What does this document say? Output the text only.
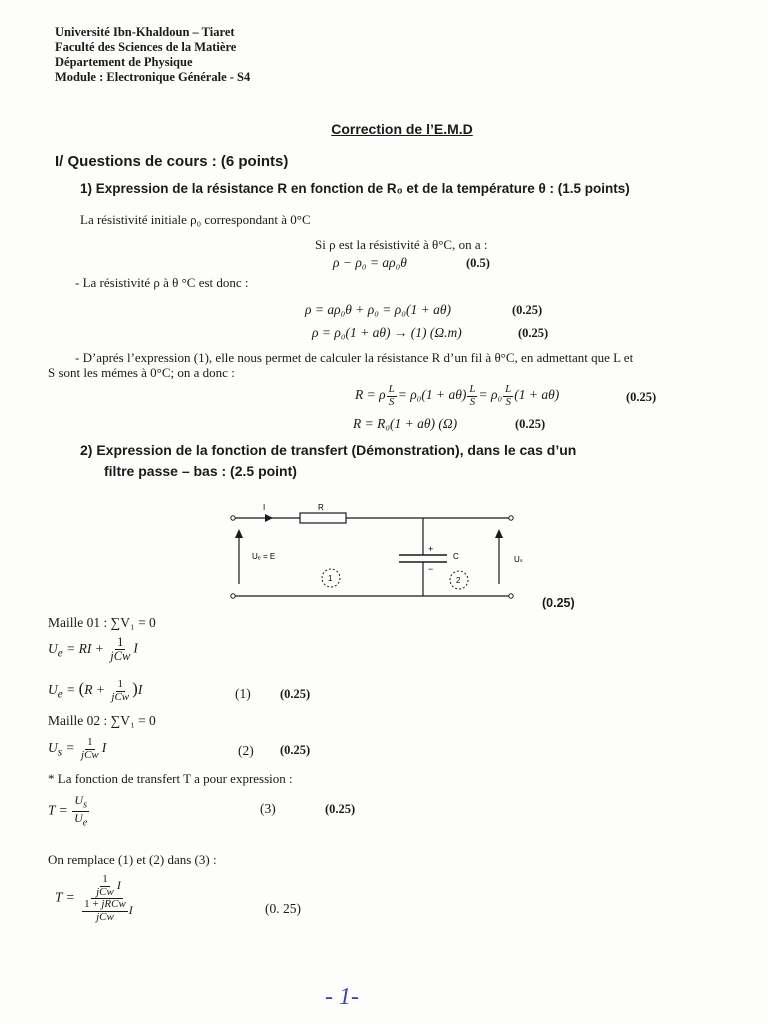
Université Ibn-Khaldoun – Tiaret
Faculté des Sciences de la Matière
Département de Physique
Module : Electronique Générale - S4
Correction de l’E.M.D
I/ Questions de cours : (6 points)
1) Expression de la résistance R en fonction de R₀ et de la température θ : (1.5 points)
La résistivité initiale ρ₀ correspondant à 0°C
Si ρ est la résistivité à θ°C, on a :
ρ − ρ₀ = aρ₀θ	(0.5)
- La résistivité ρ à θ °C est donc :
ρ = aρ₀θ + ρ₀ = ρ₀(1 + aθ)	(0.25)
ρ = ρ₀(1 + aθ) → (1) (Ω.m)	(0.25)
- D’aprés l’expression (1), elle nous permet de calculer la résistance R d’un fil à θ°C, en admettant que L et
S sont les mémes à 0°C; on a donc :
R = ρ $\frac{L}{S} = \rho_0(1 + a\theta) \frac{L}{S} = \rho_0 \frac{L}{S} (1 + a\theta)$	(0.25)
R = R₀(1 + aθ) (Ω)	(0.25)
2) Expression de la fonction de transfert (Démonstration), dans le cas d’un
filtre passe – bas : (2.5 point)
+
−
I	R
Uₑ = E	C	Uₛ
1	2
(0.25)
Maille 01 : ∑V₁ = 0
$U_e$ = RI + $\frac{1}{\text{jCw}}$ I
$U_e = (R + \frac{1}{\text{jCw}} )I$	(1) (0.25)
Maille 02 : ∑V₁ = 0
$U_s = \frac{1}{\text{jCw}}$ I	(2) (0.25)
* La fonction de transfert T a pour expression :
$T = \frac{U_s}{U_e}$	(3)	(0.25)
On remplace (1) et (2) dans (3) :
$T = \frac{\frac{1}{\text{jCw}} I}{\frac{\text{1 + jRCw}}{\text{jCw}} I}$	(0. 25)
- 1-
